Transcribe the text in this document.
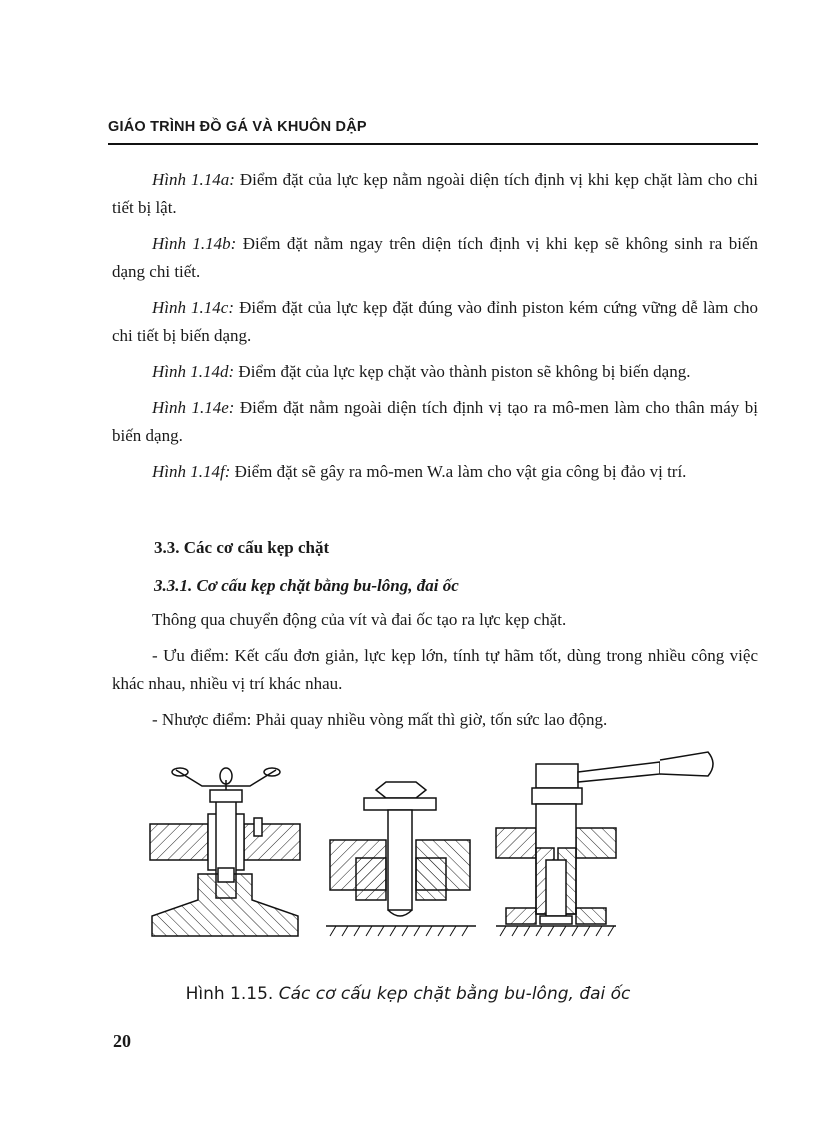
GIÁO TRÌNH ĐỒ GÁ VÀ KHUÔN DẬP

Hình 1.14a: Điểm đặt của lực kẹp nằm ngoài diện tích định vị khi kẹp chặt làm cho chi tiết bị lật.

Hình 1.14b: Điểm đặt nằm ngay trên diện tích định vị khi kẹp sẽ không sinh ra biến dạng chi tiết.

Hình 1.14c: Điểm đặt của lực kẹp đặt đúng vào đỉnh piston kém cứng vững dễ làm cho chi tiết bị biến dạng.

Hình 1.14d: Điểm đặt của lực kẹp chặt vào thành piston sẽ không bị biến dạng.

Hình 1.14e: Điểm đặt nằm ngoài diện tích định vị tạo ra mô-men làm cho thân máy bị biến dạng.

Hình 1.14f: Điểm đặt sẽ gây ra mô-men W.a làm cho vật gia công bị đảo vị trí.

3.3. Các cơ cấu kẹp chặt
3.3.1. Cơ cấu kẹp chặt bằng bu-lông, đai ốc

Thông qua chuyển động của vít và đai ốc tạo ra lực kẹp chặt.

- Ưu điểm: Kết cấu đơn giản, lực kẹp lớn, tính tự hãm tốt, dùng trong nhiều công việc khác nhau, nhiều vị trí khác nhau.

- Nhược điểm: Phải quay nhiều vòng mất thì giờ, tốn sức lao động.

Hình 1.15. Các cơ cấu kẹp chặt bằng bu-lông, đai ốc
20
